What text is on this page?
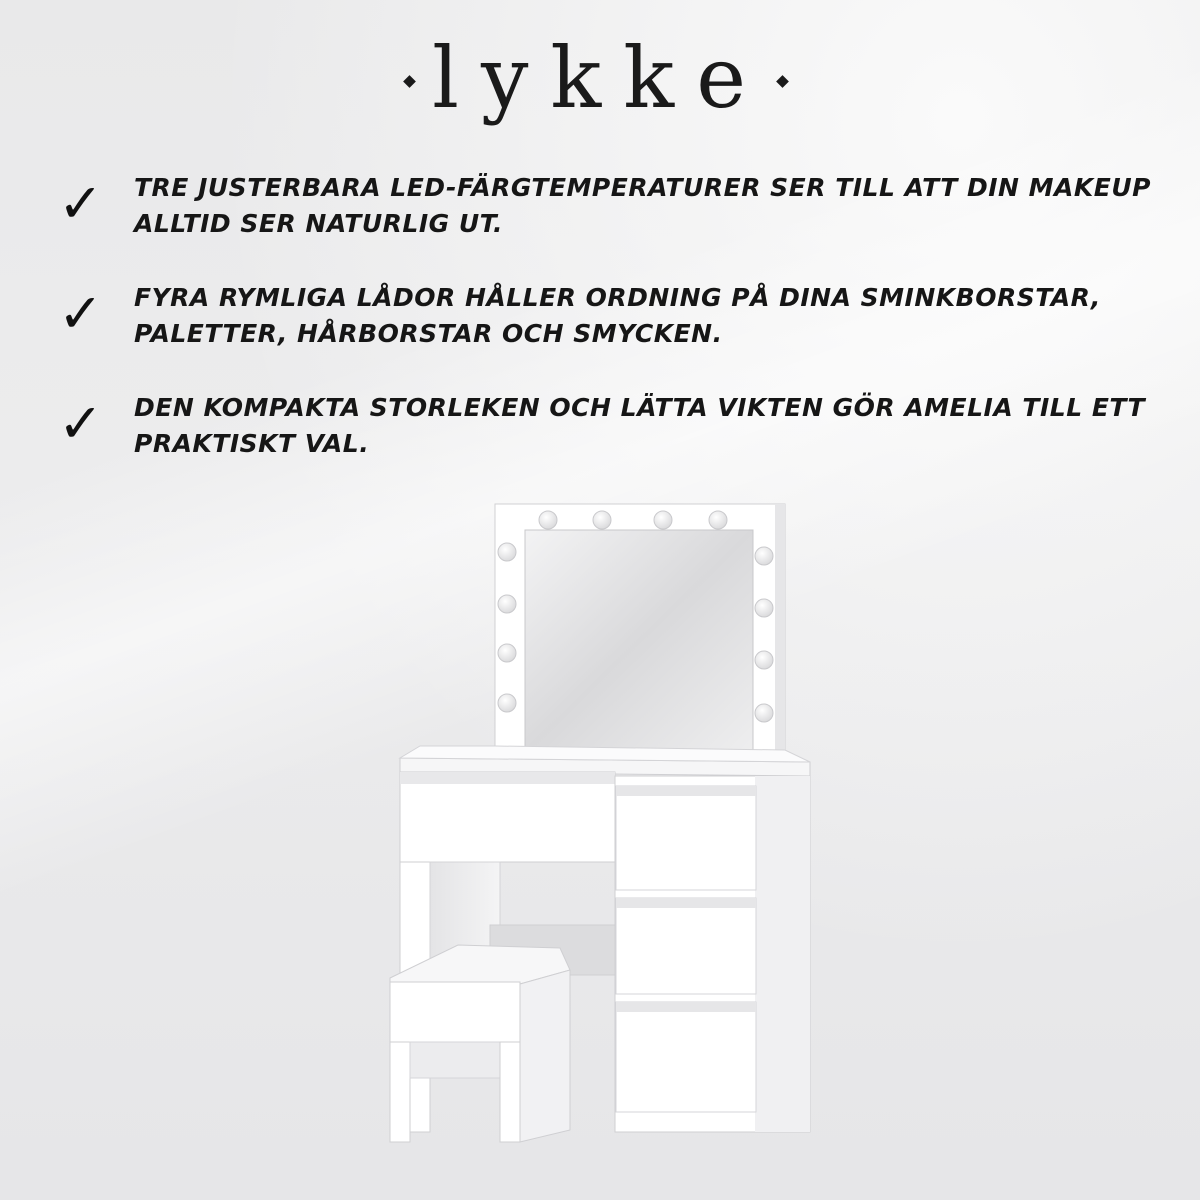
lykke
✓ TRE JUSTERBARA LED-FÄRGTEMPERATURER SER TILL ATT DIN MAKEUP ALLTID SER NATURLIG UT.
✓ FYRA RYMLIGA LÅDOR HÅLLER ORDNING PÅ DINA SMINKBORSTAR, PALETTER, HÅRBORSTAR OCH SMYCKEN.
✓ DEN KOMPAKTA STORLEKEN OCH LÄTTA VIKTEN GÖR AMELIA TILL ETT PRAKTISKT VAL.
